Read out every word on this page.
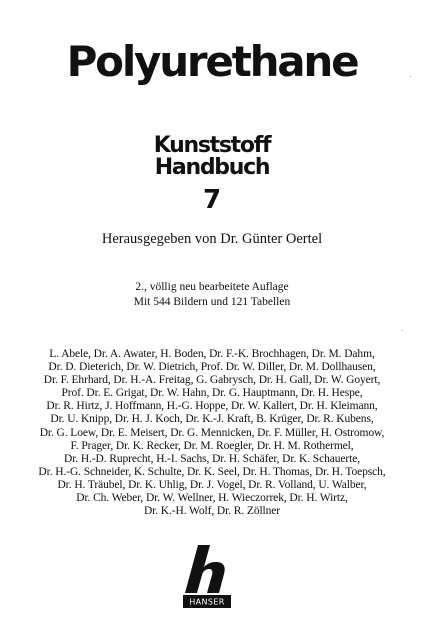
Polyurethane
Kunststoff
Handbuch
7
Herausgegeben von Dr. Günter Oertel
2., völlig neu bearbeitete Auflage
Mit 544 Bildern und 121 Tabellen
L. Abele, Dr. A. Awater, H. Boden, Dr. F.-K. Brochhagen, Dr. M. Dahm,
Dr. D. Dieterich, Dr. W. Dietrich, Prof. Dr. W. Diller, Dr. M. Dollhausen,
Dr. F. Ehrhard, Dr. H.-A. Freitag, G. Gabrysch, Dr. H. Gall, Dr. W. Goyert,
Prof. Dr. E. Grigat, Dr. W. Hahn, Dr. G. Hauptmann, Dr. H. Hespe,
Dr. R. Hirtz, J. Hoffmann, H.-G. Hoppe, Dr. W. Kallert, Dr. H. Kleimann,
Dr. U. Knipp, Dr. H. J. Koch, Dr. K.-J. Kraft, B. Krüger, Dr. R. Kubens,
Dr. G. Loew, Dr. E. Meisert, Dr. G. Mennicken, Dr. F. Müller, H. Ostromow,
F. Prager, Dr. K. Recker, Dr. M. Roegler, Dr. H. M. Rothermel,
Dr. H.-D. Ruprecht, H.-I. Sachs, Dr. H. Schäfer, Dr. K. Schauerte,
Dr. H.-G. Schneider, K. Schulte, Dr. K. Seel, Dr. H. Thomas, Dr. H. Toepsch,
Dr. H. Träubel, Dr. K. Uhlig, Dr. J. Vogel, Dr. R. Volland, U. Walber,
Dr. Ch. Weber, Dr. W. Wellner, H. Wieczorrek, Dr. H. Wirtz,
Dr. K.-H. Wolf, Dr. R. Zöllner
HANSER
